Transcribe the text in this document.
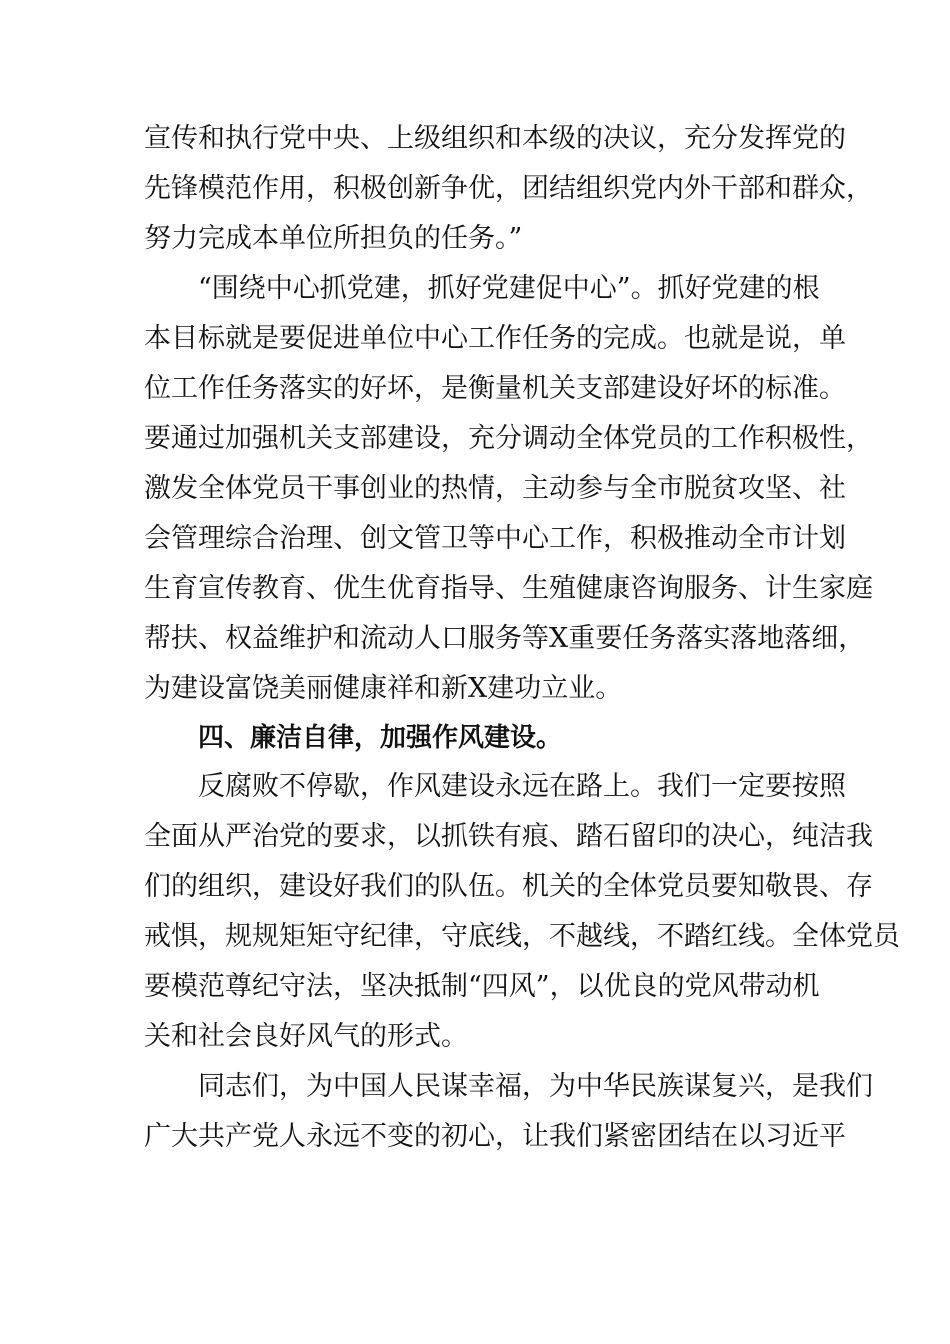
宣传和执行党中央、上级组织和本级的决议，充分发挥党的
先锋模范作用，积极创新争优，团结组织党内外干部和群众，
努力完成本单位所担负的任务。”
“围绕中心抓党建，抓好党建促中心”。抓好党建的根
本目标就是要促进单位中心工作任务的完成。也就是说，单
位工作任务落实的好坏，是衡量机关支部建设好坏的标准。
要通过加强机关支部建设，充分调动全体党员的工作积极性，
激发全体党员干事创业的热情，主动参与全市脱贫攻坚、社
会管理综合治理、创文管卫等中心工作，积极推动全市计划
生育宣传教育、优生优育指导、生殖健康咨询服务、计生家庭
帮扶、权益维护和流动人口服务等X重要任务落实落地落细，
为建设富饶美丽健康祥和新X建功立业。
四、廉洁自律，加强作风建设。
反腐败不停歇，作风建设永远在路上。我们一定要按照
全面从严治党的要求，以抓铁有痕、踏石留印的决心，纯洁我
们的组织，建设好我们的队伍。机关的全体党员要知敬畏、存
戒惧，规规矩矩守纪律，守底线，不越线，不踏红线。全体党员
要模范尊纪守法，坚决抵制“四风”，以优良的党风带动机
关和社会良好风气的形式。
同志们，为中国人民谋幸福，为中华民族谋复兴，是我们
广大共产党人永远不变的初心，让我们紧密团结在以习近平
